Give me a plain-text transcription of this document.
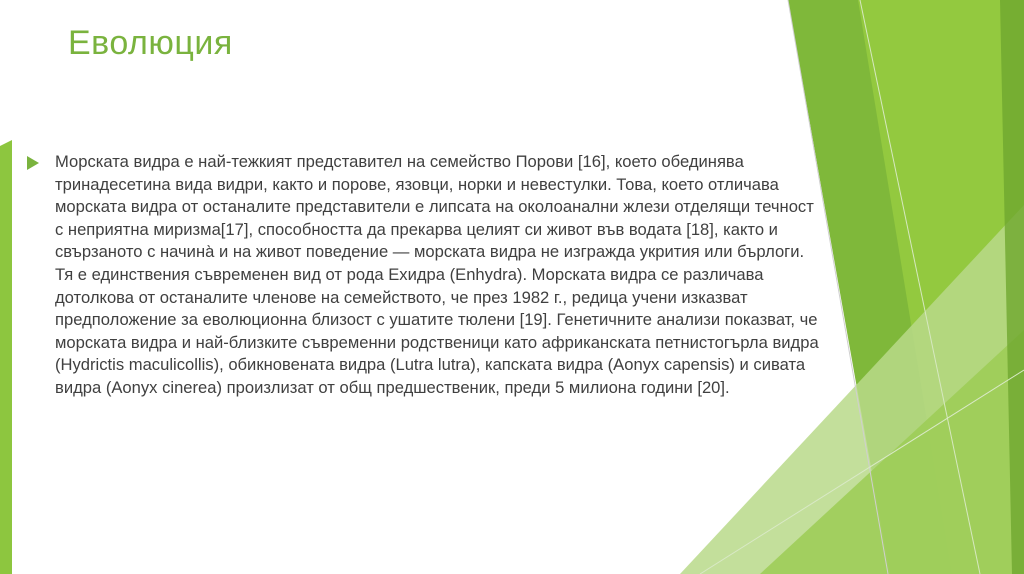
Еволюция
Морската видра е най-тежкият представител на семейство Порови [16], което обединява
тринадесетина вида видри, както и порове, язовци, норки и невестулки. Това, което отличава
морската видра от останалите представители е липсата на околоанални жлези отделящи течност
с неприятна миризма[17], способността да прекарва целият си живот във водата [18], както и
свързаното с начина̀ и на живот поведение — морската видра не изгражда укрития или бърлоги.
Тя е единствения съвременен вид от рода Ехидра (Enhydra). Морската видра се различава
дотолкова от останалите членове на семейството, че през 1982 г., редица учени изказват
предположение за еволюционна близост с ушатите тюлени [19]. Генетичните анализи показват, че
морската видра и най-близките съвременни родственици като африканската петнистогърла видра
(Hydrictis maculicollis), обикновената видра (Lutra lutra), капската видра (Aonyx capensis) и сивата
видра (Aonyx cinerea) произлизат от общ предшественик, преди 5 милиона години [20].
